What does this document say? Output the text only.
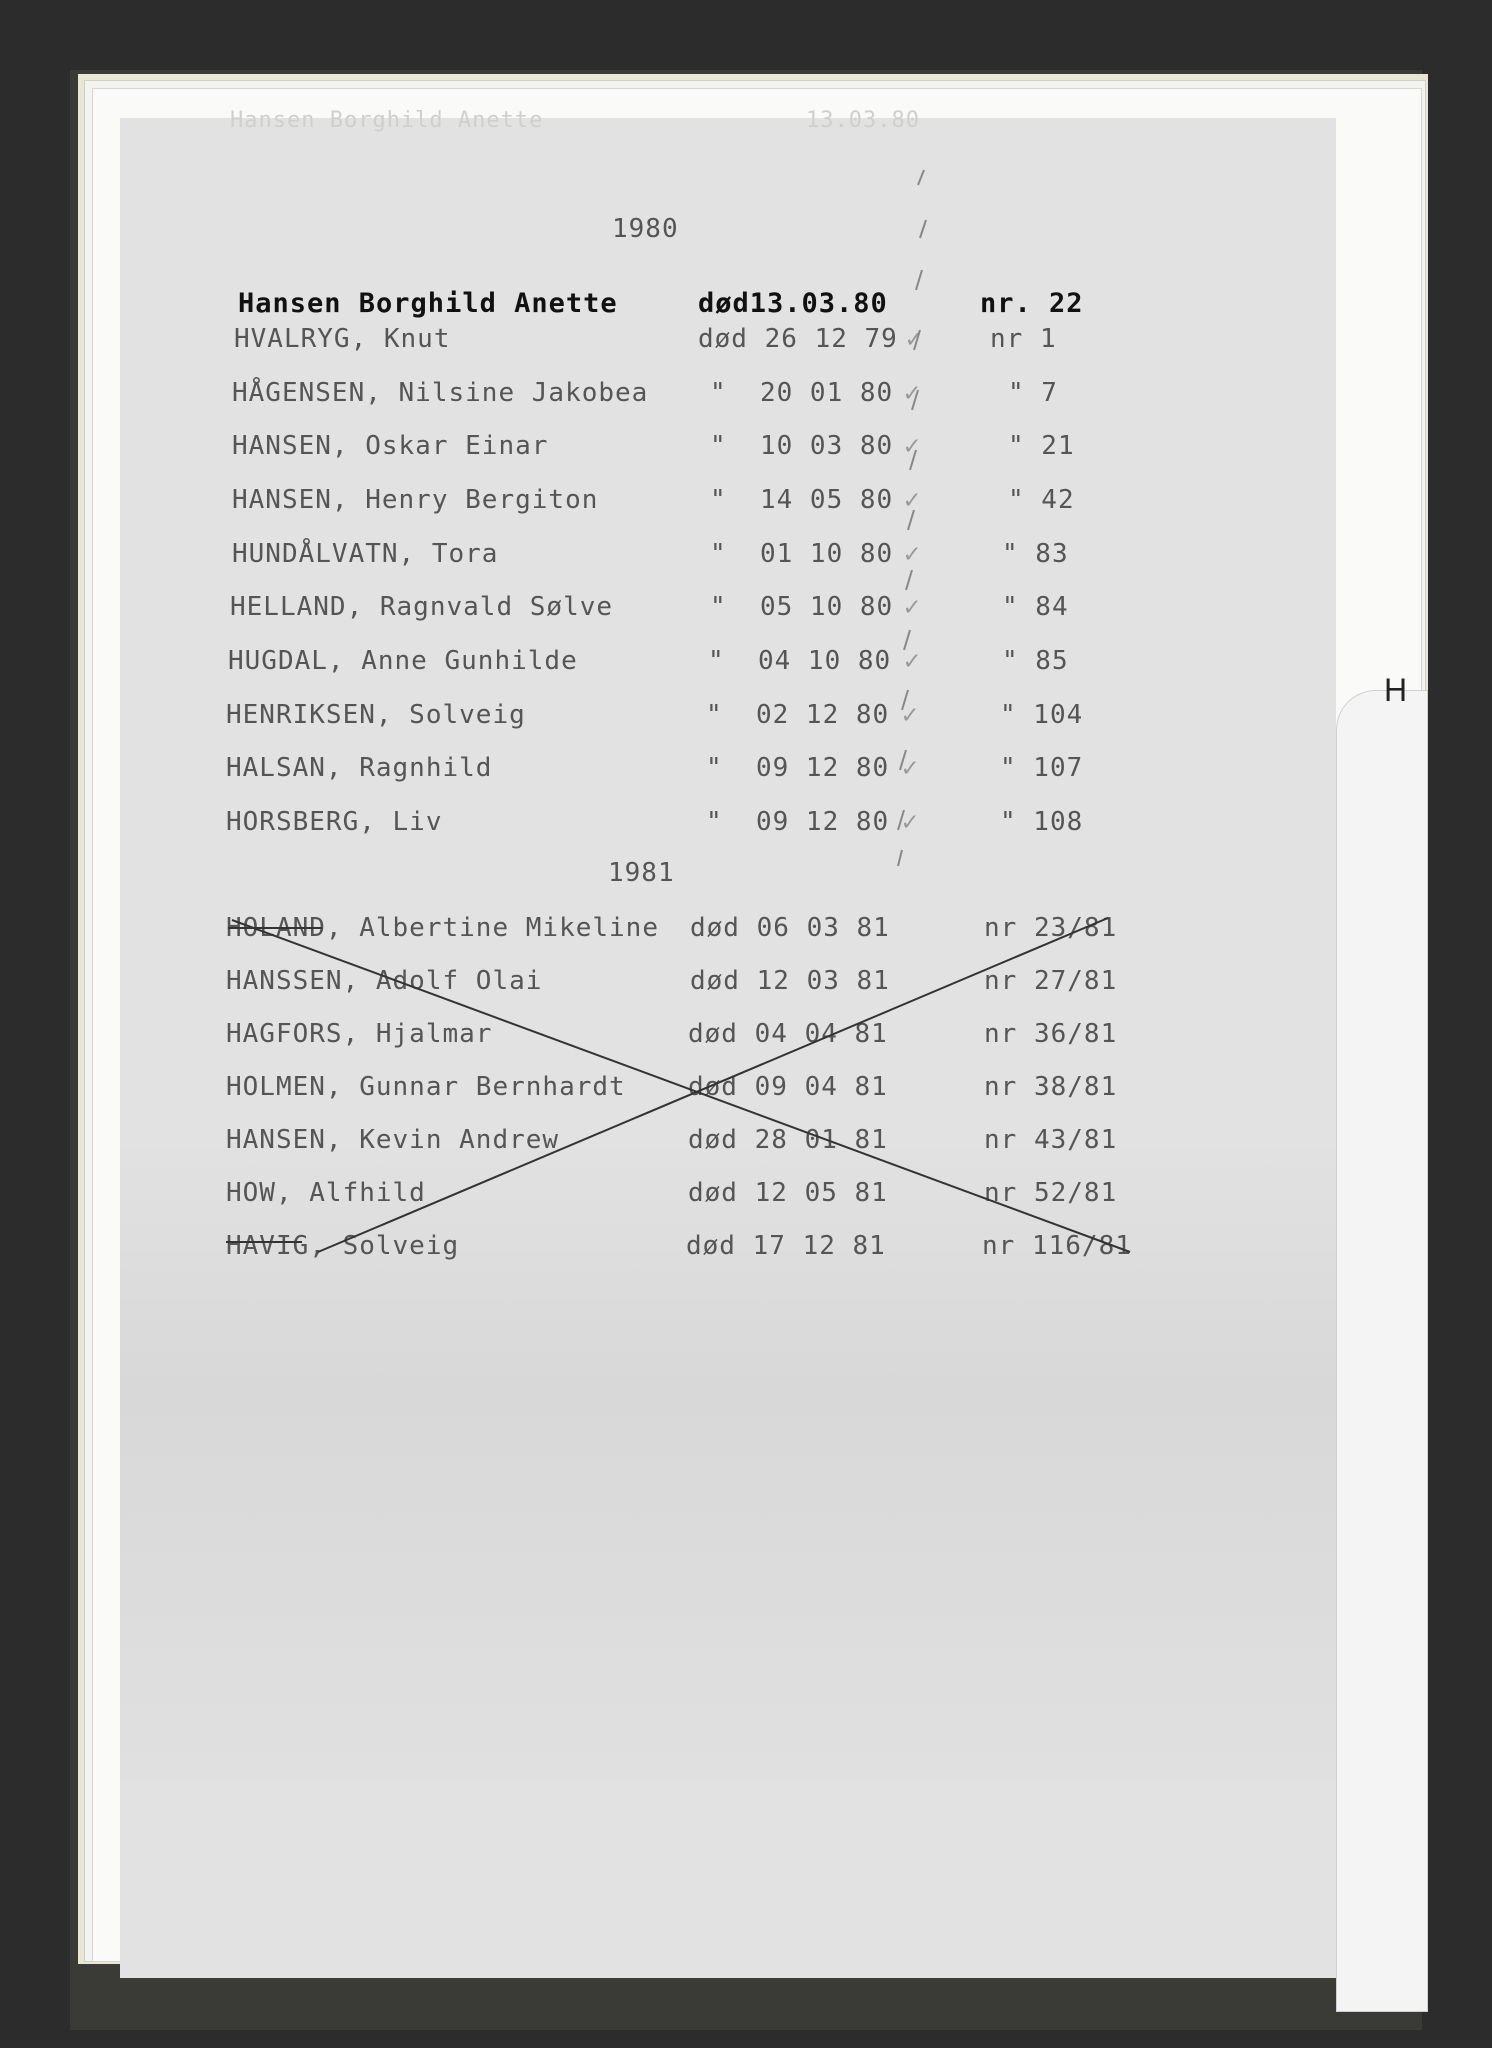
H
Hansen Borghild Anette	13.03.80
1980
Hansen Borghild Anette	død13.03.80	nr. 22
HVALRYG, Knut	død 26 12 79 ✓	nr 1
HÅGENSEN, Nilsine Jakobea "  20 01 80 ✓	" 7
HANSEN, Oskar Einar	"  10 03 80 ✓	" 21
HANSEN, Henry Bergiton	"  14 05 80 ✓	" 42
HUNDÅLVATN, Tora	"  01 10 80 ✓	" 83
HELLAND, Ragnvald Sølve	"  05 10 80 ✓	" 84
HUGDAL, Anne Gunhilde	"  04 10 80 ✓	" 85
HENRIKSEN, Solveig	"  02 12 80 ✓	" 104
HALSAN, Ragnhild	"  09 12 80 ✓	" 107
HORSBERG, Liv	"  09 12 80 ✓	" 108
1981
HOLAND, Albertine Mikeline død 06 03 81	nr 23/81
HANSSEN, Adolf Olai	død 12 03 81	nr 27/81
HAGFORS, Hjalmar	død 04 04 81	nr 36/81
HOLMEN, Gunnar Bernhardt død 09 04 81	nr 38/81
HANSEN, Kevin Andrew	død 28 01 81	nr 43/81
HOW, Alfhild	død 12 05 81	nr 52/81
HAVIG, Solveig	død 17 12 81	nr 116/81
